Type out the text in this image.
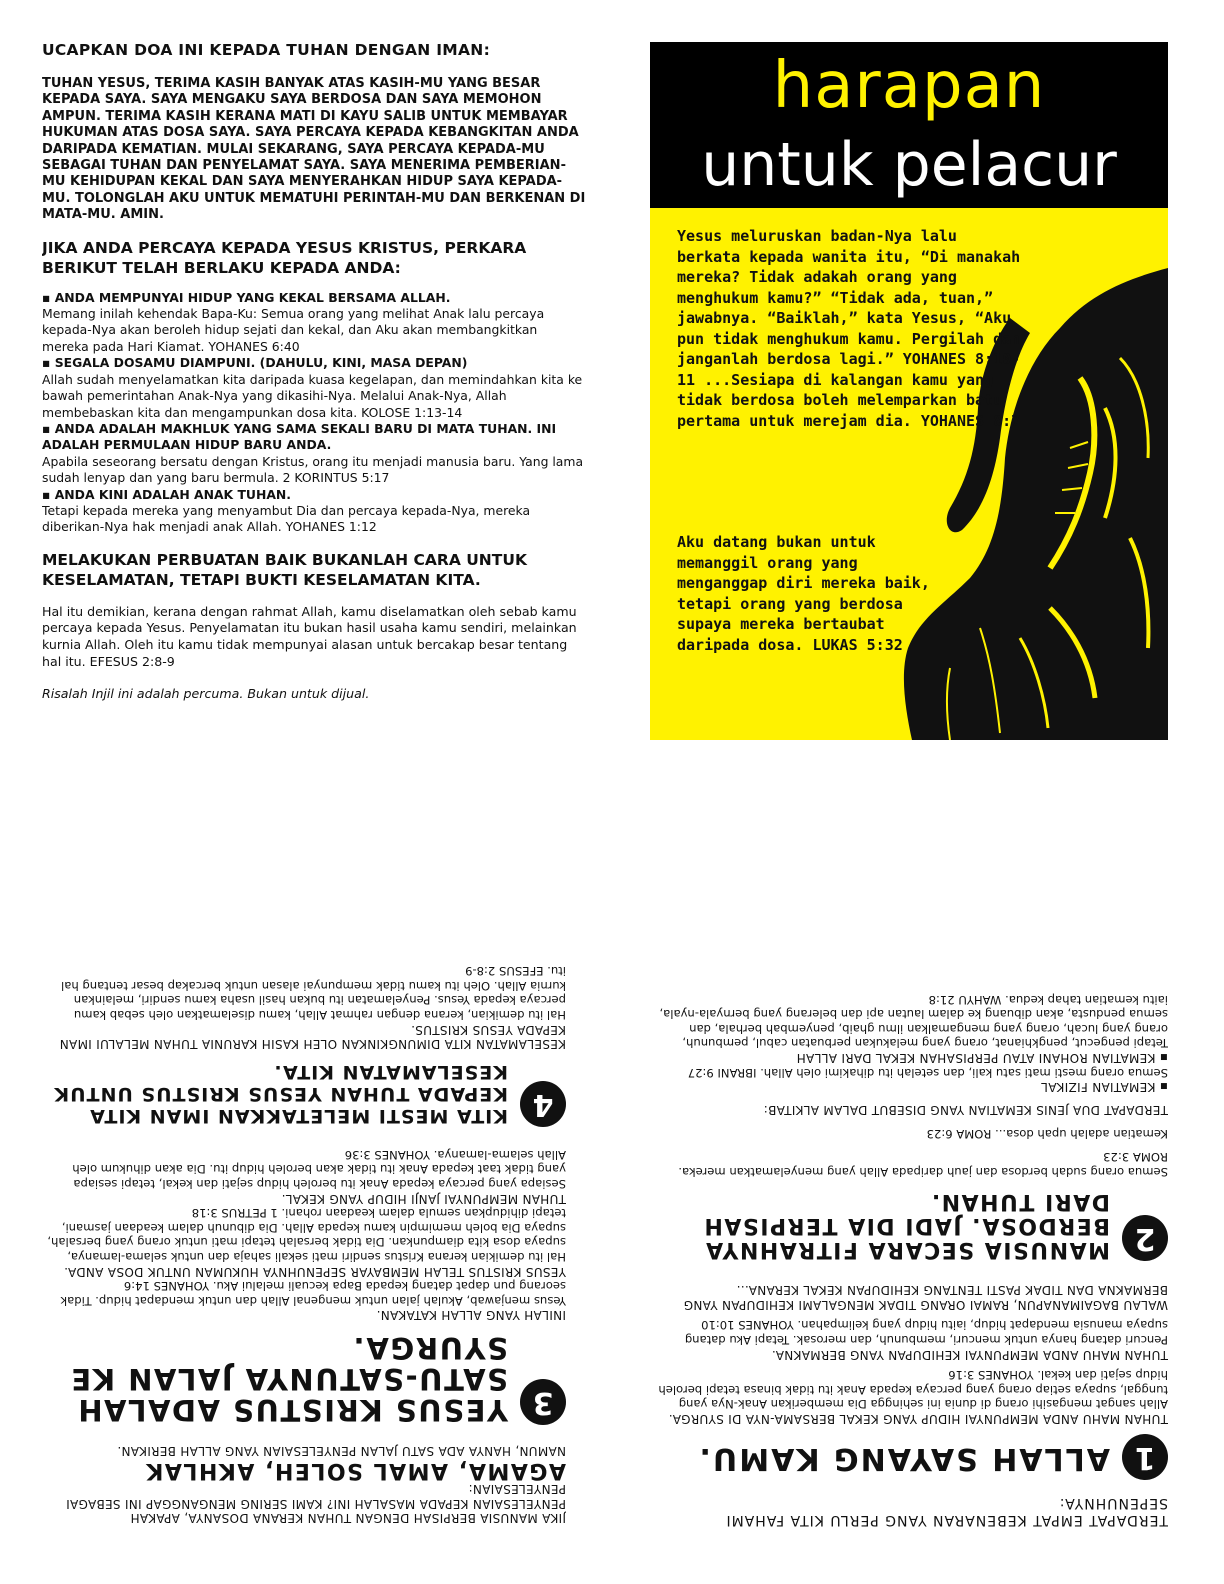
UCAPKAN DOA INI KEPADA TUHAN DENGAN IMAN:
TUHAN YESUS, TERIMA KASIH BANYAK ATAS KASIH-MU YANG BESAR KEPADA SAYA. SAYA MENGAKU SAYA BERDOSA DAN SAYA MEMOHON AMPUN. TERIMA KASIH KERANA MATI DI KAYU SALIB UNTUK MEMBAYAR HUKUMAN ATAS DOSA SAYA. SAYA PERCAYA KEPADA KEBANGKITAN ANDA DARIPADA KEMATIAN. MULAI SEKARANG, SAYA PERCAYA KEPADA-MU SEBAGAI TUHAN DAN PENYELAMAT SAYA. SAYA MENERIMA PEMBERIAN-MU KEHIDUPAN KEKAL DAN SAYA MENYERAHKAN HIDUP SAYA KEPADA-MU. TOLONGLAH AKU UNTUK MEMATUHI PERINTAH-MU DAN BERKENAN DI MATA-MU. AMIN.
JIKA ANDA PERCAYA KEPADA YESUS KRISTUS, PERKARA BERIKUT TELAH BERLAKU KEPADA ANDA:
▪ ANDA MEMPUNYAI HIDUP YANG KEKAL BERSAMA ALLAH.
Memang inilah kehendak Bapa-Ku: Semua orang yang melihat Anak lalu percaya kepada-Nya akan beroleh hidup sejati dan kekal, dan Aku akan membangkitkan mereka pada Hari Kiamat. YOHANES 6:40
▪ SEGALA DOSAMU DIAMPUNI. (DAHULU, KINI, MASA DEPAN)
Allah sudah menyelamatkan kita daripada kuasa kegelapan, dan memindahkan kita ke bawah pemerintahan Anak-Nya yang dikasihi-Nya. Melalui Anak-Nya, Allah membebaskan kita dan mengampunkan dosa kita. KOLOSE 1:13-14
▪ ANDA ADALAH MAKHLUK YANG SAMA SEKALI BARU DI MATA TUHAN. INI ADALAH PERMULAAN HIDUP BARU ANDA.
Apabila seseorang bersatu dengan Kristus, orang itu menjadi manusia baru. Yang lama sudah lenyap dan yang baru bermula. 2 KORINTUS 5:17
▪ ANDA KINI ADALAH ANAK TUHAN.
Tetapi kepada mereka yang menyambut Dia dan percaya kepada-Nya, mereka diberikan-Nya hak menjadi anak Allah. YOHANES 1:12
MELAKUKAN PERBUATAN BAIK BUKANLAH CARA UNTUK KESELAMATAN, TETAPI BUKTI KESELAMATAN KITA.
Hal itu demikian, kerana dengan rahmat Allah, kamu diselamatkan oleh sebab kamu percaya kepada Yesus. Penyelamatan itu bukan hasil usaha kamu sendiri, melainkan kurnia Allah. Oleh itu kamu tidak mempunyai alasan untuk bercakap besar tentang hal itu. EFESUS 2:8-9
Risalah Injil ini adalah percuma. Bukan untuk dijual.
harapan
untuk pelacur
Yesus meluruskan badan-Nya lalu berkata kepada wanita itu, “Di manakah mereka? Tidak adakah orang yang menghukum kamu?” “Tidak ada, tuan,” jawabnya. “Baiklah,” kata Yesus, “Aku pun tidak menghukum kamu. Pergilah dan janganlah berdosa lagi.” YOHANES 8:10-11 ...Sesiapa di kalangan kamu yang tidak berdosa boleh melemparkan batu pertama untuk merejam dia. YOHANES 8:7
Aku datang bukan untuk memanggil orang yang menganggap diri mereka baik, tetapi orang yang berdosa supaya mereka bertaubat daripada dosa. LUKAS 5:32
TERDAPAT EMPAT KEBENARAN YANG PERLU KITA FAHAMI SEPENUHNYA:
1
ALLAH SAYANG KAMU.
TUHAN MAHU ANDA MEMPUNYAI HIDUP YANG KEKAL BERSAMA-NYA DI SYURGA.
Allah sangat mengasihi orang di dunia ini sehingga Dia memberikan Anak-Nya yang tunggal, supaya setiap orang yang percaya kepada Anak itu tidak binasa tetapi beroleh hidup sejati dan kekal. YOHANES 3:16
TUHAN MAHU ANDA MEMPUNYAI KEHIDUPAN YANG BERMAKNA.
Pencuri datang hanya untuk mencuri, membunuh, dan merosak. Tetapi Aku datang supaya manusia mendapat hidup, iaitu hidup yang kelimpahan. YOHANES 10:10
WALAU BAGAIMANAPUN, RAMAI ORANG TIDAK MENGALAMI KEHIDUPAN YANG BERMAKNA DAN TIDAK PASTI TENTANG KEHIDUPAN KEKAL KERANA...
2
MANUSIA SECARA FITRAHNYA BERDOSA. JADI DIA TERPISAH DARI TUHAN.
Semua orang sudah berdosa dan jauh daripada Allah yang menyelamatkan mereka. ROMA 3:23
Kematian adalah upah dosa... ROMA 6:23
TERDAPAT DUA JENIS KEMATIAN YANG DISEBUT DALAM ALKITAB:
▪ KEMATIAN FIZIKAL
Semua orang mesti mati satu kali, dan setelah itu dihakimi oleh Allah. IBRANI 9:27
▪ KEMATIAN ROHANI ATAU PERPISAHAN KEKAL DARI ALLAH
Tetapi pengecut, pengkhianat, orang yang melakukan perbuatan cabul, pembunuh, orang yang lucah, orang yang mengamalkan ilmu ghaib, penyembah berhala, dan semua pendusta, akan dibuang ke dalam lautan api dan belerang yang bernyala-nyala, iaitu kematian tahap kedua. WAHYU 21:8
JIKA MANUSIA BERPISAH DENGAN TUHAN KERANA DOSANYA, APAKAH PENYELESAIAN KEPADA MASALAH INI? KAMI SERING MENGANGGAP INI SEBAGAI PENYELESAIAN:
AGAMA, AMAL SOLEH, AKHLAK
NAMUN, HANYA ADA SATU JALAN PENYELESAIAN YANG ALLAH BERIKAN.
3
YESUS KRISTUS ADALAH SATU-SATUNYA JALAN KE SYURGA.
INILAH YANG ALLAH KATAKAN.
Yesus menjawab, Akulah jalan untuk mengenal Allah dan untuk mendapat hidup. Tidak seorang pun dapat datang kepada Bapa kecuali melalui Aku. YOHANES 14:6
YESUS KRISTUS TELAH MEMBAYAR SEPENUHNYA HUKUMAN UNTUK DOSA ANDA.
Hal itu demikian kerana Kristus sendiri mati sekali sahaja dan untuk selama-lamanya, supaya dosa kita diampunkan. Dia tidak bersalah tetapi mati untuk orang yang bersalah, supaya Dia boleh memimpin kamu kepada Allah. Dia dibunuh dalam keadaan jasmani, tetapi dihidupkan semula dalam keadaan rohani. 1 PETRUS 3:18
TUHAN MEMPUNYAI JANJI HIDUP YANG KEKAL.
Sesiapa yang percaya kepada Anak itu beroleh hidup sejati dan kekal, tetapi sesiapa yang tidak taat kepada Anak itu tidak akan beroleh hidup itu. Dia akan dihukum oleh Allah selama-lamanya. YOHANES 3:36
4
KITA MESTI MELETAKKAN IMAN KITA KEPADA TUHAN YESUS KRISTUS UNTUK KESELAMATAN KITA.
KESELAMATAN KITA DIMUNGKINKAN OLEH KASIH KARUNIA TUHAN MELALUI IMAN KEPADA YESUS KRISTUS.
Hal itu demikian, kerana dengan rahmat Allah, kamu diselamatkan oleh sebab kamu percaya kepada Yesus. Penyelamatan itu bukan hasil usaha kamu sendiri, melainkan kurnia Allah. Oleh itu kamu tidak mempunyai alasan untuk bercakap besar tentang hal itu. EFESUS 2:8-9
